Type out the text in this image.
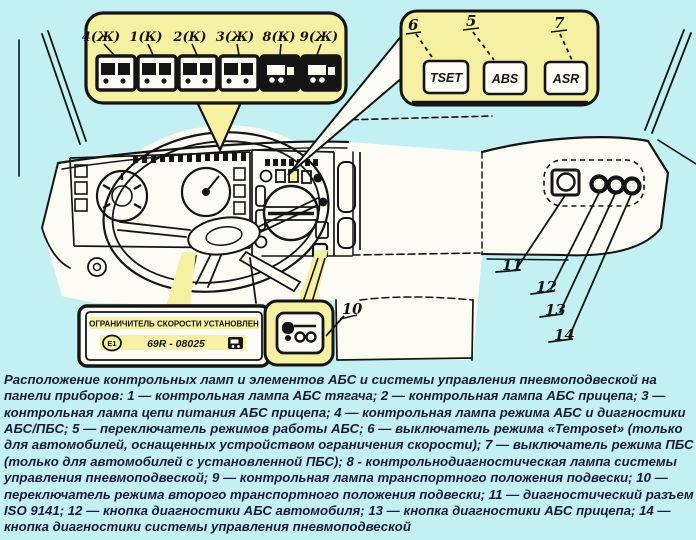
11
12
13
14
4(Ж) 1(К) 2(К) 3(Ж) 8(К) 9(Ж)
6	5	7
TSET ABS	ASR
ОГРАНИЧИТЕЛЬ СКОРОСТИ УСТАНОВЛЕН
Е1	69R - 08025
10
Расположение контрольных ламп и элементов АБС и системы управления пневмоподвеской на панели приборов: 1 — контрольная лампа АБС тягача; 2 — контрольная лампа АБС прицепа; 3 — контрольная лампа цепи питания АБС прицепа; 4 — контрольная лампа режима АБС и диагностики АБС/ПБС; 5 — переключатель режимов работы АБС; 6 — выключатель режима «Temposet» (только для автомобилей, оснащенных устройством ограничения скорости); 7 — выключатель режима ПБС (только для автомобилей с установленной ПБС); 8 - контрольнодиагностическая лампа системы управления пневмоподвеской; 9 — контрольная лампа транспортного положения подвески; 10 — переключатель режима второго транспортного положения подвески; 11 — диагностический разъем ISO 9141; 12 — кнопка диагностики АБС автомобиля; 13 — кнопка диагностики АБС прицепа; 14 — кнопка диагностики системы управления пневмоподвеской
